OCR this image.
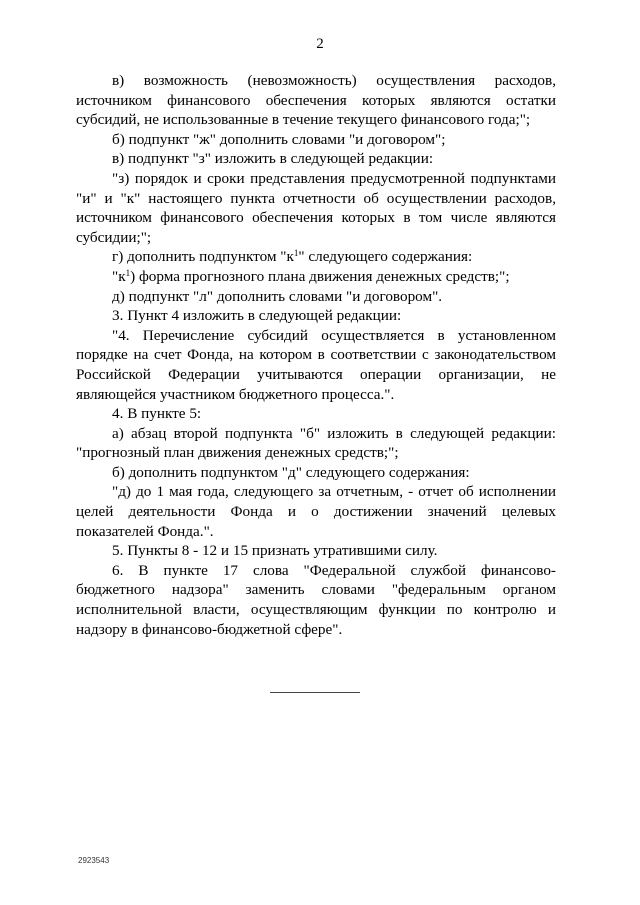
2

в) возможность (невозможность) осуществления расходов, источником финансового обеспечения которых являются остатки субсидий, не использованные в течение текущего финансового года;";

б) подпункт "ж" дополнить словами "и договором";

в) подпункт "з" изложить в следующей редакции:

"з) порядок и сроки представления предусмотренной подпунктами "и" и "к" настоящего пункта отчетности об осуществлении расходов, источником финансового обеспечения которых в том числе являются субсидии;";

г) дополнить подпунктом "$к^1$" следующего содержания:

"$к^1$) форма прогнозного плана движения денежных средств;";

д) подпункт "л" дополнить словами "и договором".

3. Пункт 4 изложить в следующей редакции:

"4. Перечисление субсидий осуществляется в установленном порядке на счет Фонда, на котором в соответствии с законодательством Российской Федерации учитываются операции организации, не являющейся участником бюджетного процесса.".

4. В пункте 5:

а) абзац второй подпункта "б" изложить в следующей редакции: "прогнозный план движения денежных средств;";

б) дополнить подпунктом "д" следующего содержания:

"д) до 1 мая года, следующего за отчетным, - отчет об исполнении целей деятельности Фонда и о достижении значений целевых показателей Фонда.".

5. Пункты 8 - 12 и 15 признать утратившими силу.

6. В пункте 17 слова "Федеральной службой финансово-бюджетного надзора" заменить словами "федеральным органом исполнительной власти, осуществляющим функции по контролю и надзору в финансово-бюджетной сфере".

2923543
